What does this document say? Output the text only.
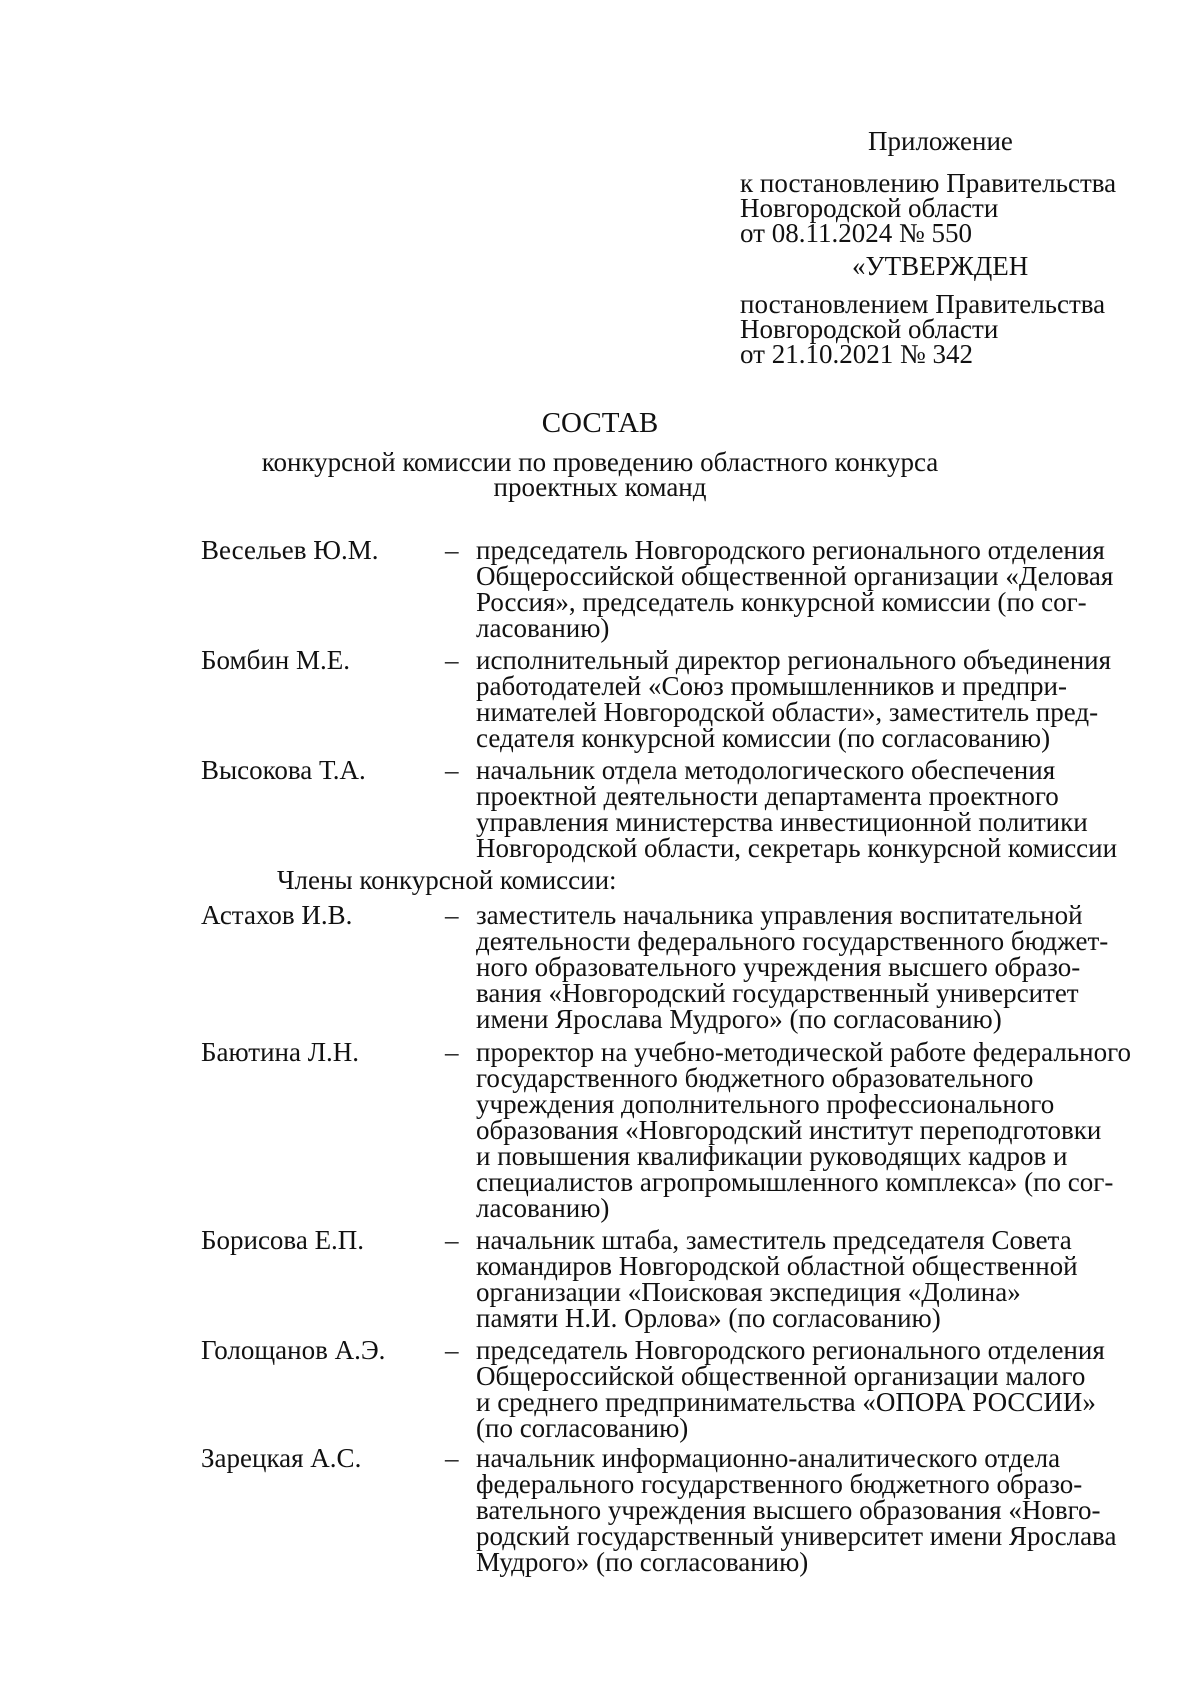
Приложение
к постановлению Правительства
Новгородской области
от 08.11.2024 № 550
«УТВЕРЖДЕН
постановлением Правительства
Новгородской области
от 21.10.2021 № 342
СОСТАВ
конкурсной комиссии по проведению областного конкурса
проектных команд
Весельев Ю.М. – председатель Новгородского регионального отделения
Общероссийской общественной организации «Деловая
Россия», председатель конкурсной комиссии (по сог-
ласованию)
Бомбин М.Е.	– исполнительный директор регионального объединения
работодателей «Союз промышленников и предпри-
нимателей Новгородской области», заместитель пред-
седателя конкурсной комиссии (по согласованию)
Высокова Т.А.	– начальник отдела методологического обеспечения
проектной деятельности департамента проектного
управления министерства инвестиционной политики
Новгородской области, секретарь конкурсной комиссии
Члены конкурсной комиссии:
Астахов И.В.	– заместитель начальника управления воспитательной
деятельности федерального государственного бюджет-
ного образовательного учреждения высшего образо-
вания «Новгородский государственный университет
имени Ярослава Мудрого» (по согласованию)
Баютина Л.Н.	– проректор на учебно-методической работе федерального
государственного бюджетного образовательного
учреждения дополнительного профессионального
образования «Новгородский институт переподготовки
и повышения квалификации руководящих кадров и
специалистов агропромышленного комплекса» (по сог-
ласованию)
Борисова Е.П.	– начальник штаба, заместитель председателя Совета
командиров Новгородской областной общественной
организации «Поисковая экспедиция «Долина»
памяти Н.И. Орлова» (по согласованию)
Голощанов А.Э. – председатель Новгородского регионального отделения
Общероссийской общественной организации малого
и среднего предпринимательства «ОПОРА РОССИИ»
(по согласованию)
Зарецкая А.С.	– начальник информационно-аналитического отдела
федерального государственного бюджетного образо-
вательного учреждения высшего образования «Новго-
родский государственный университет имени Ярослава
Мудрого» (по согласованию)
